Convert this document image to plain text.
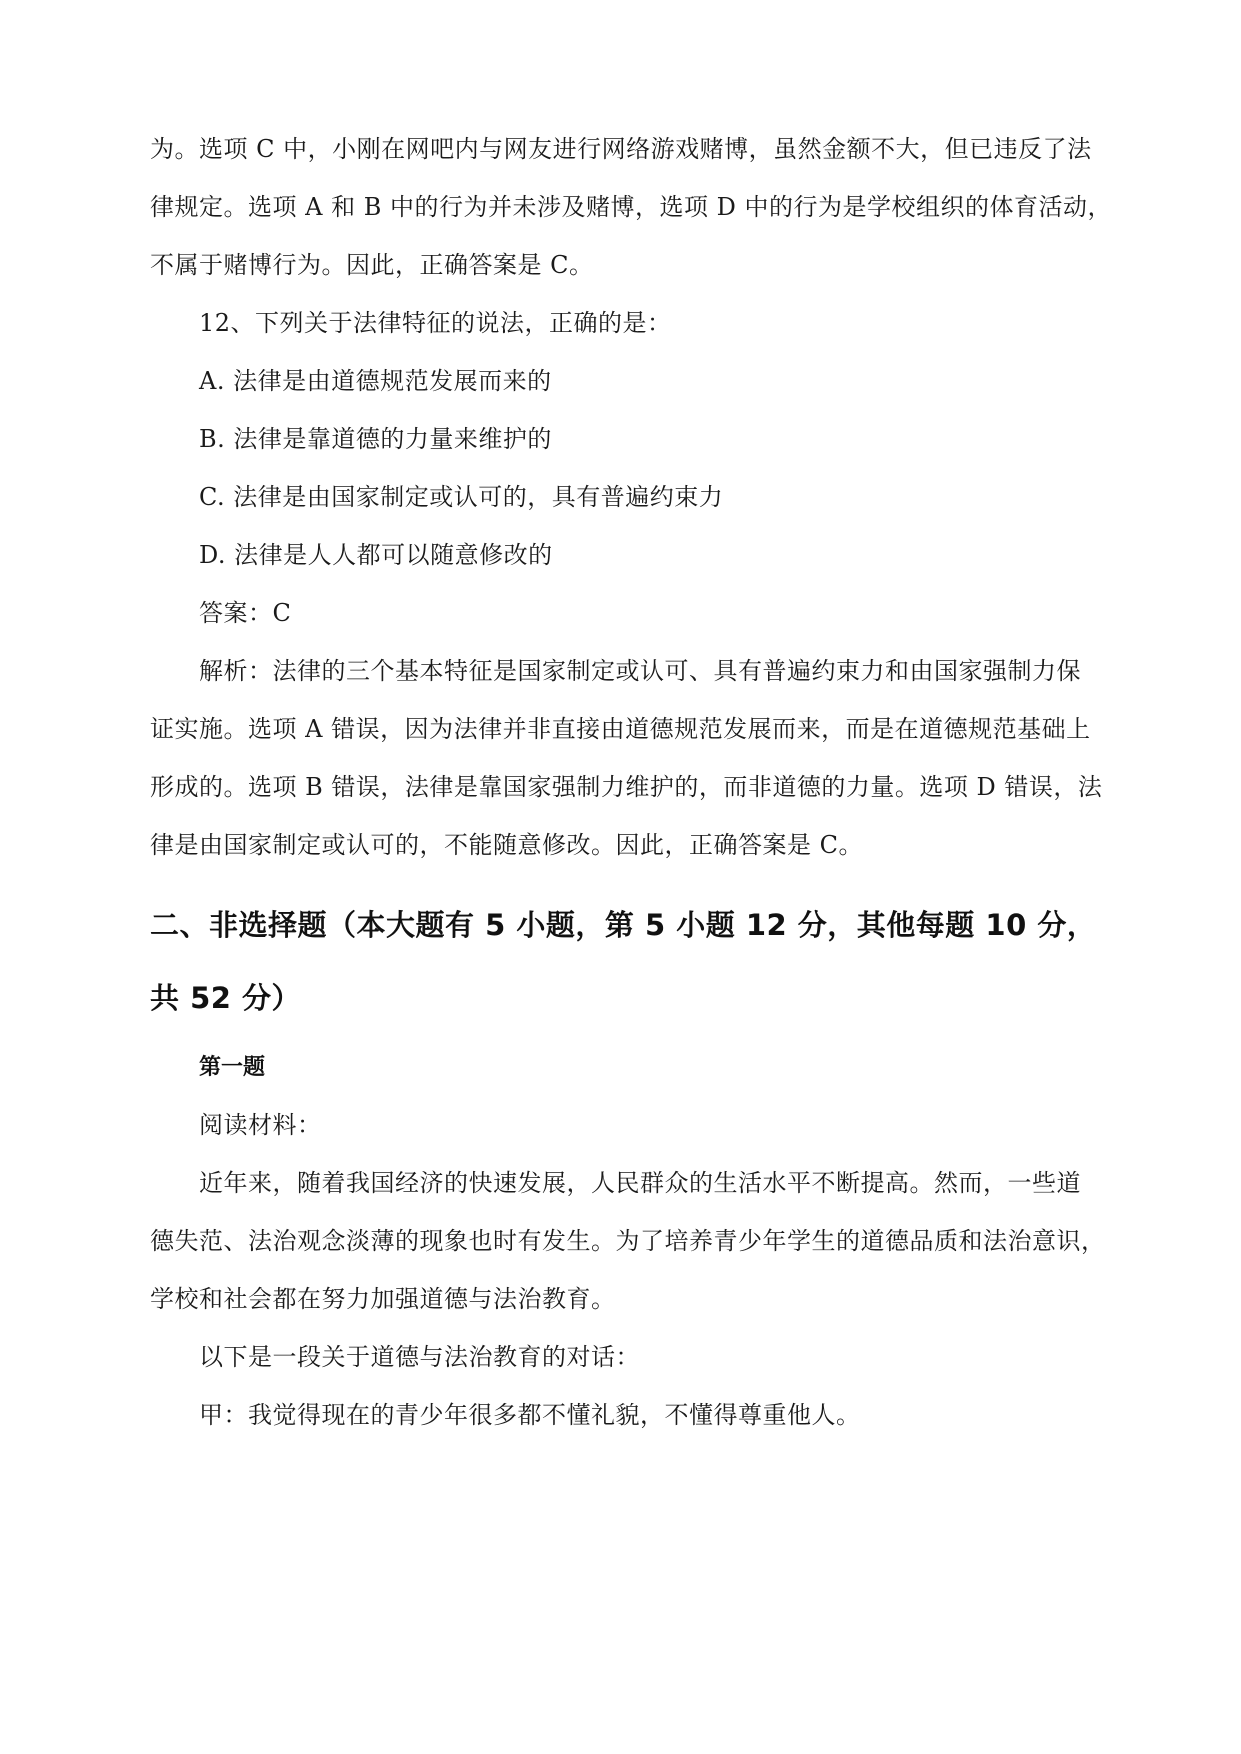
为。选项 C 中，小刚在网吧内与网友进行网络游戏赌博，虽然金额不大，但已违反了法
律规定。选项 A 和 B 中的行为并未涉及赌博，选项 D 中的行为是学校组织的体育活动，
不属于赌博行为。因此，正确答案是 C。
12、下列关于法律特征的说法，正确的是：
A. 法律是由道德规范发展而来的
B. 法律是靠道德的力量来维护的
C. 法律是由国家制定或认可的，具有普遍约束力
D. 法律是人人都可以随意修改的
答案：C
解析：法律的三个基本特征是国家制定或认可、具有普遍约束力和由国家强制力保
证实施。选项 A 错误，因为法律并非直接由道德规范发展而来，而是在道德规范基础上
形成的。选项 B 错误，法律是靠国家强制力维护的，而非道德的力量。选项 D 错误，法
律是由国家制定或认可的，不能随意修改。因此，正确答案是 C。
二、非选择题（本大题有 5 小题，第 5 小题 12 分，其他每题 10 分，
共 52 分）
第一题
阅读材料：
近年来，随着我国经济的快速发展，人民群众的生活水平不断提高。然而，一些道
德失范、法治观念淡薄的现象也时有发生。为了培养青少年学生的道德品质和法治意识，
学校和社会都在努力加强道德与法治教育。
以下是一段关于道德与法治教育的对话：
甲：我觉得现在的青少年很多都不懂礼貌，不懂得尊重他人。
